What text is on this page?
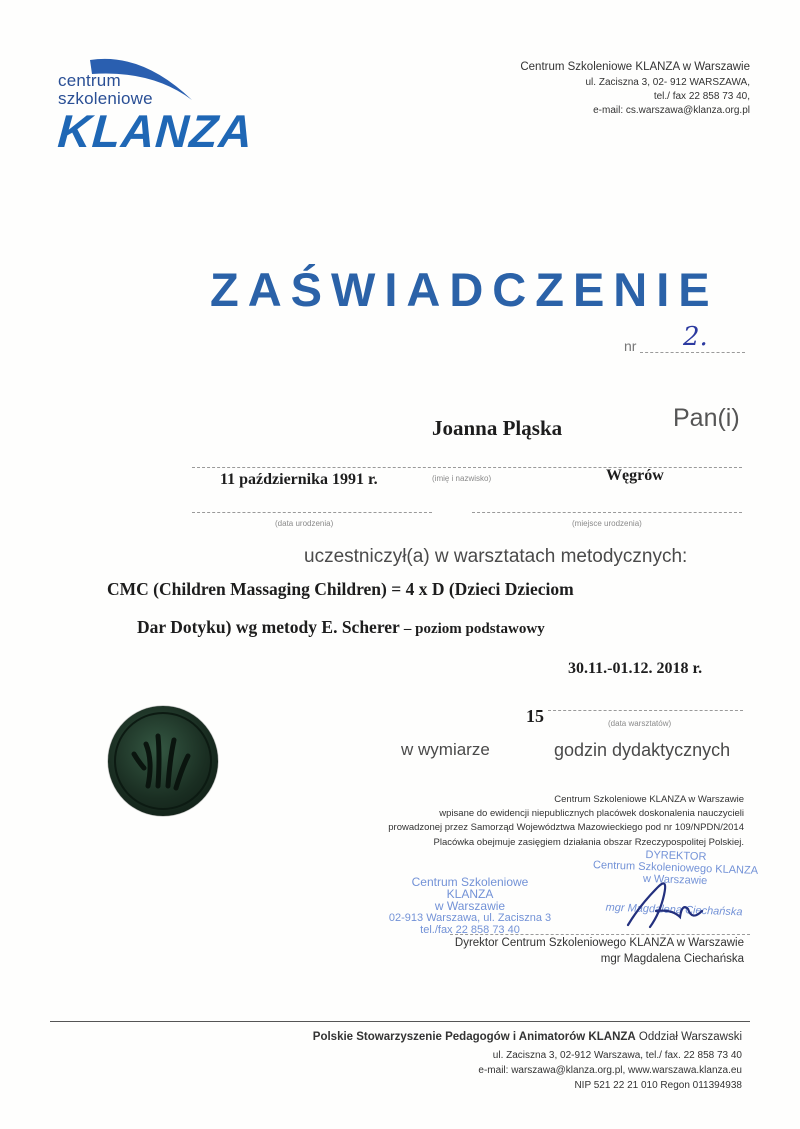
centrum
szkoleniowe
KLANZA
Centrum Szkoleniowe KLANZA w Warszawie
ul. Zaciszna 3, 02- 912 WARSZAWA,
tel./ fax 22 858 73 40,
e-mail: cs.warszawa@klanza.org.pl
ZAŚWIADCZENIE
nr 2.
Pan(i)
Joanna Pląska
(imię i nazwisko)
11 października 1991 r.	Węgrów
(data urodzenia)	(miejsce urodzenia)
uczestniczył(a) w warsztatach metodycznych:
CMC (Children Massaging Children) = 4 x D (Dzieci Dzieciom
Dar Dotyku) wg metody E. Scherer – poziom podstawowy
30.11.-01.12. 2018 r.
(data warsztatów)
15
w wymiarze	godzin dydaktycznych
Centrum Szkoleniowe KLANZA w Warszawie
wpisane do ewidencji niepublicznych placówek doskonalenia nauczycieli
prowadzonej przez Samorząd Województwa Mazowieckiego pod nr 109/NPDN/2014
Placówka obejmuje zasięgiem działania obszar Rzeczypospolitej Polskiej.
Centrum Szkoleniowe
KLANZA
w Warszawie
02-913 Warszawa, ul. Zaciszna 3
tel./fax 22 858 73 40
DYREKTOR
Centrum Szkoleniowego KLANZA
w Warszawie
mgr Magdalena Ciechańska
Dyrektor Centrum Szkoleniowego KLANZA w Warszawie
mgr Magdalena Ciechańska
Polskie Stowarzyszenie Pedagogów i Animatorów KLANZA Oddział Warszawski
ul. Zaciszna 3, 02-912 Warszawa, tel./ fax. 22 858 73 40
e-mail: warszawa@klanza.org.pl, www.warszawa.klanza.eu
NIP 521 22 21 010 Regon 011394938
